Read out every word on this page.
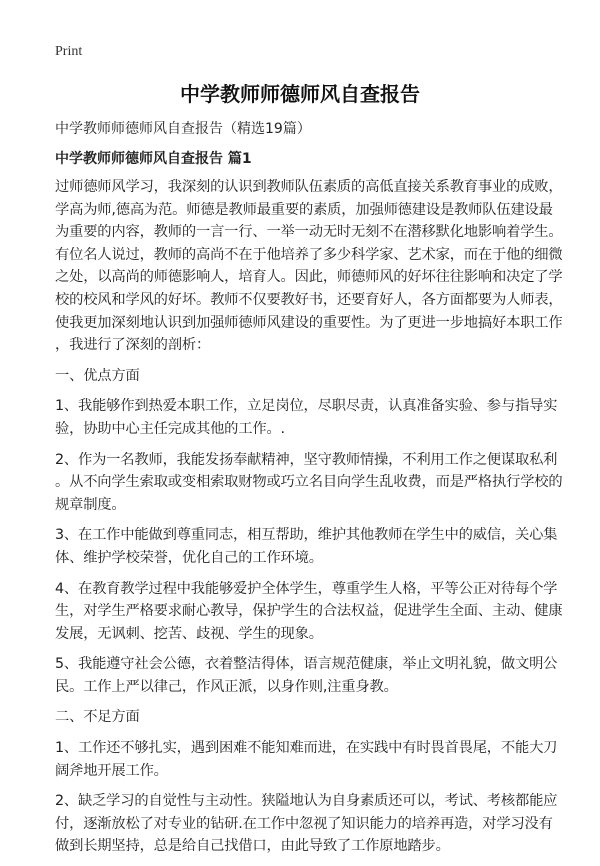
Print
中学教师师德师风自查报告
中学教师师德师风自查报告（精选19篇）
中学教师师德师风自查报告 篇1
过师德师风学习，我深刻的认识到教师队伍素质的高低直接关系教育事业的成败，
学高为师,德高为范。师德是教师最重要的素质，加强师德建设是教师队伍建设最
为重要的内容，教师的一言一行、一举一动无时无刻不在潜移默化地影响着学生。
有位名人说过，教师的高尚不在于他培养了多少科学家、艺术家，而在于他的细微
之处，以高尚的师德影响人，培育人。因此，师德师风的好坏往往影响和决定了学
校的校风和学风的好坏。教师不仅要教好书，还要育好人，各方面都要为人师表，
使我更加深刻地认识到加强师德师风建设的重要性。为了更进一步地搞好本职工作
，我进行了深刻的剖析：
一、优点方面
1、我能够作到热爱本职工作，立足岗位，尽职尽责，认真准备实验、参与指导实
验，协助中心主任完成其他的工作。.
2、作为一名教师，我能发扬奉献精神，坚守教师情操，不利用工作之便谋取私利
。从不向学生索取或变相索取财物或巧立名目向学生乱收费，而是严格执行学校的
规章制度。
3、在工作中能做到尊重同志，相互帮助，维护其他教师在学生中的威信，关心集
体、维护学校荣誉，优化自己的工作环境。
4、在教育教学过程中我能够爱护全体学生，尊重学生人格，平等公正对待每个学
生，对学生严格要求耐心教导，保护学生的合法权益，促进学生全面、主动、健康
发展，无讽刺、挖苦、歧视、学生的现象。
5、我能遵守社会公德，衣着整洁得体，语言规范健康，举止文明礼貌，做文明公
民。工作上严以律己，作风正派，以身作则,注重身教。
二、不足方面
1、工作还不够扎实，遇到困难不能知难而进，在实践中有时畏首畏尾，不能大刀
阔斧地开展工作。
2、缺乏学习的自觉性与主动性。狭隘地认为自身素质还可以，考试、考核都能应
付，逐渐放松了对专业的钻研.在工作中忽视了知识能力的培养再造，对学习没有
做到长期坚持，总是给自己找借口，由此导致了工作原地踏步。
